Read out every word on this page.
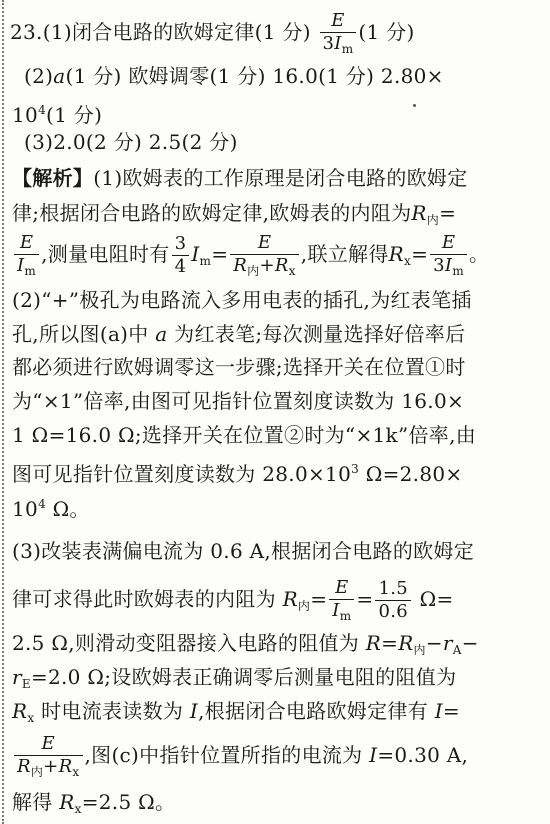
23.(1)闭合电路的欧姆定律(1 分) $\frac{E}{3I_m} (1$ 分)
(2)a(1 分) 欧姆调零(1 分) 16.0(1 分) 2.80×
$10^4(1$ 分)
(3)2.0(2 分) 2.5(2 分)
【解析】(1)欧姆表的工作原理是闭合电路的欧姆定
律;根据闭合电路的欧姆定律,欧姆表的内阻为$R_内=$
$\frac{E}{I_m}$ ,测量电阻时有 $\frac{3}{4} I_m= \frac{E}{R_内+R_x}$ ,联立解得$R_x= \frac{E}{3I_m}$ 。
(2)“+”极孔为电路流入多用电表的插孔,为红表笔插
孔,所以图(a)中 a 为红表笔;每次测量选择好倍率后
都必须进行欧姆调零这一步骤;选择开关在位置①时
为“×1”倍率,由图可见指针位置刻度读数为 16.0×
1 Ω=16.0 Ω;选择开关在位置②时为“×1k”倍率,由
图可见指针位置刻度读数为 $28.0\times 10^3$ Ω=2.80×
$10^4$ Ω。
(3)改装表满偏电流为 0.6 A,根据闭合电路的欧姆定
律可求得此时欧姆表的内阻为 $R_内= \frac{E}{I_m} = \frac{1.5}{0.6} \Omega=$
2.5 Ω,则滑动变阻器接入电路的阻值为 $R=R_内-r_A-$
$r_E=2.0$ Ω;设欧姆表正确调零后测量电阻的阻值为
$R_x$ 时电流表读数为 I,根据闭合电路欧姆定律有 I=
$\frac{E}{R_内+R_x}$ ,图(c)中指针位置所指的电流为 I=0.30 A,
解得 $R_x=2.5$ Ω。
